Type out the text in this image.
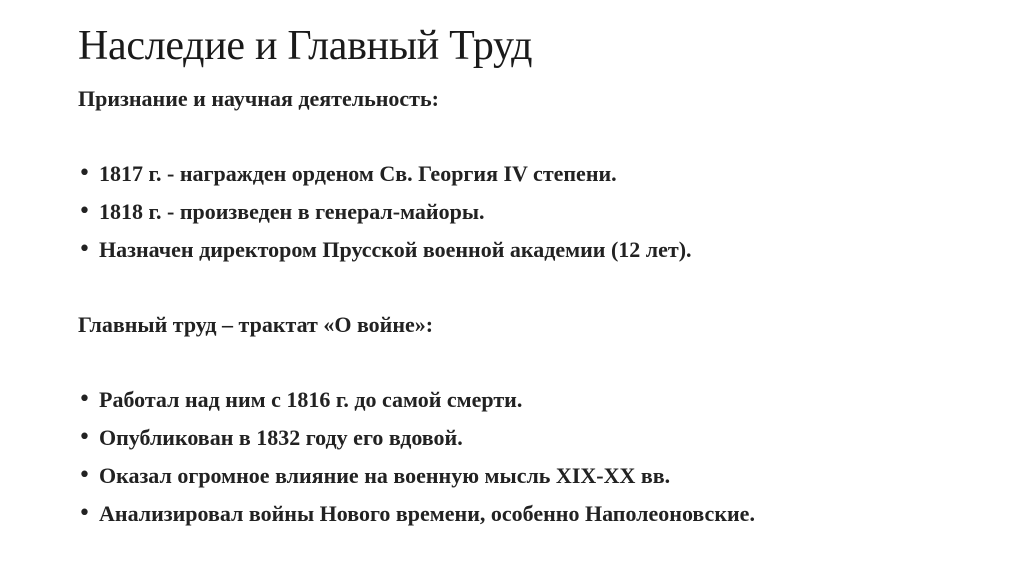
Наследие и Главный Труд
Признание и научная деятельность:
• 1817 г. - награжден орденом Св. Георгия IV степени.
• 1818 г. - произведен в генерал-майоры.
• Назначен директором Прусской военной академии (12 лет).
Главный труд – трактат «О войне»:
• Работал над ним с 1816 г. до самой смерти.
• Опубликован в 1832 году его вдовой.
• Оказал огромное влияние на военную мысль XIX-XX вв.
• Анализировал войны Нового времени, особенно Наполеоновские.
